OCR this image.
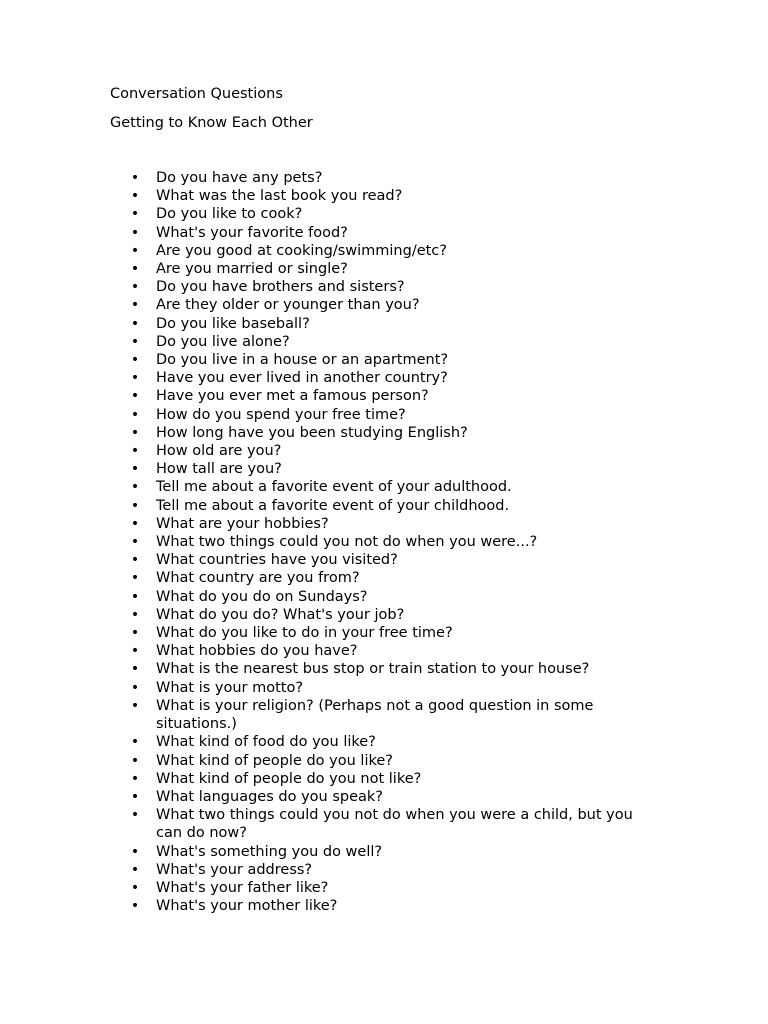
Conversation Questions
Getting to Know Each Other
• Do you have any pets?
• What was the last book you read?
• Do you like to cook?
• What's your favorite food?
• Are you good at cooking/swimming/etc?
• Are you married or single?
• Do you have brothers and sisters?
• Are they older or younger than you?
• Do you like baseball?
• Do you live alone?
• Do you live in a house or an apartment?
• Have you ever lived in another country?
• Have you ever met a famous person?
• How do you spend your free time?
• How long have you been studying English?
• How old are you?
• How tall are you?
• Tell me about a favorite event of your adulthood.
• Tell me about a favorite event of your childhood.
• What are your hobbies?
• What two things could you not do when you were...?
• What countries have you visited?
• What country are you from?
• What do you do on Sundays?
• What do you do? What's your job?
• What do you like to do in your free time?
• What hobbies do you have?
• What is the nearest bus stop or train station to your house?
• What is your motto?
• What is your religion? (Perhaps not a good question in some situations.)
• What kind of food do you like?
• What kind of people do you like?
• What kind of people do you not like?
• What languages do you speak?
• What two things could you not do when you were a child, but you can do now?
• What's something you do well?
• What's your address?
• What's your father like?
• What's your mother like?
